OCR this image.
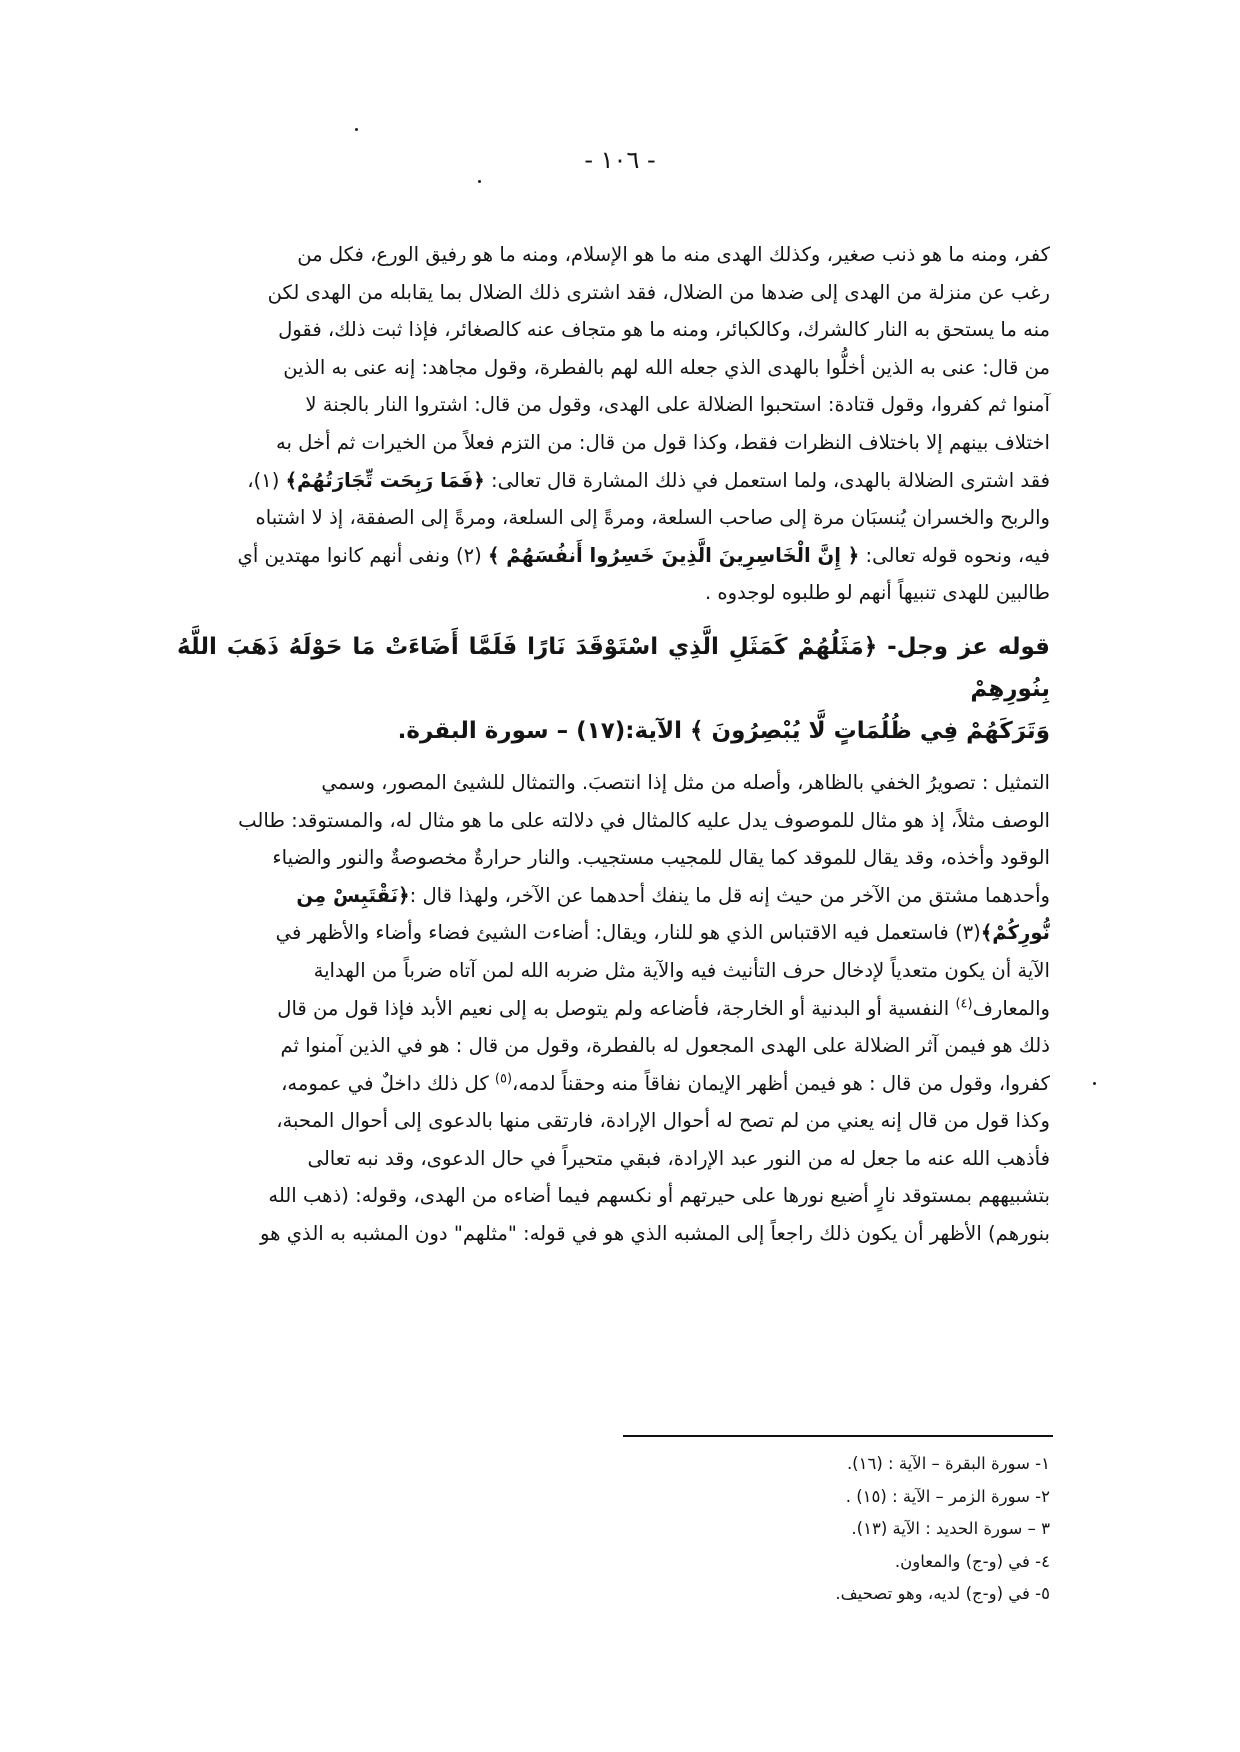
- ١٠٦ -

كفر، ومنه ما هو ذنب صغير، وكذلك الهدى منه ما هو الإسلام، ومنه ما هو رفيق الورع، فكل من

رغب عن منزلة من الهدى إلى ضدها من الضلال، فقد اشترى ذلك الضلال بما يقابله من الهدى لكن

منه ما يستحق به النار كالشرك، وكالكبائر، ومنه ما هو متجاف عنه كالصغائر، فإذا ثبت ذلك، فقول

من قال: عنى به الذين أخلُّوا بالهدى الذي جعله الله لهم بالفطرة، وقول مجاهد: إنه عنى به الذين

آمنوا ثم كفروا، وقول قتادة: استحبوا الضلالة على الهدى، وقول من قال: اشتروا النار بالجنة لا

اختلاف بينهم إلا باختلاف النظرات فقط، وكذا قول من قال: من التزم فعلاً من الخيرات ثم أخل به

فقد اشترى الضلالة بالهدى، ولما استعمل في ذلك المشارة قال تعالى: ﴿فَمَا رَبِحَت تِّجَارَتُهُمْ﴾ (١)،

والربح والخسران يُنسبَان مرة إلى صاحب السلعة، ومرةً إلى السلعة، ومرةً إلى الصفقة، إذ لا اشتباه

فيه، ونحوه قوله تعالى: ﴿ إِنَّ الْخَاسِرِينَ الَّذِينَ خَسِرُوا أَنفُسَهُمْ ﴾ (٢) ونفى أنهم كانوا مهتدين أي

طالبين للهدى تنبيهاً أنهم لو طلبوه لوجدوه .

قوله عز وجل- ﴿مَثَلُهُمْ كَمَثَلِ الَّذِي اسْتَوْقَدَ نَارًا فَلَمَّا أَضَاءَتْ مَا حَوْلَهُ ذَهَبَ اللَّهُ بِنُورِهِمْ
وَتَرَكَهُمْ فِي ظُلُمَاتٍ لَّا يُبْصِرُونَ ﴾ الآية:(١٧) – سورة البقرة.

التمثيل : تصويرُ الخفي بالظاهر، وأصله من مثل إذا انتصبَ. والتمثال للشيئ المصور، وسمي

الوصف مثلاً، إذ هو مثال للموصوف يدل عليه كالمثال في دلالته على ما هو مثال له، والمستوقد: طالب

الوقود وأخذه، وقد يقال للموقد كما يقال للمجيب مستجيب. والنار حرارةٌ مخصوصةٌ والنور والضياء

وأحدهما مشتق من الآخر من حيث إنه قل ما ينفك أحدهما عن الآخر، ولهذا قال :﴿نَقْتَبِسْ مِن

نُّورِكُمْ﴾(٣) فاستعمل فيه الاقتباس الذي هو للنار، ويقال: أضاءت الشيئ فضاء وأضاء والأظهر في

الآية أن يكون متعدياً لإدخال حرف التأنيث فيه والآية مثل ضربه الله لمن آتاه ضرباً من الهداية

والمعارف$^{(٤)}$ النفسية أو البدنية أو الخارجة، فأضاعه ولم يتوصل به إلى نعيم الأبد فإذا قول من قال

ذلك هو فيمن آثر الضلالة على الهدى المجعول له بالفطرة، وقول من قال : هو في الذين آمنوا ثم

كفروا، وقول من قال : هو فيمن أظهر الإيمان نفاقاً منه وحقناً لدمه،$^{(٥)}$ كل ذلك داخلٌ في عمومه،

وكذا قول من قال إنه يعني من لم تصح له أحوال الإرادة، فارتقى منها بالدعوى إلى أحوال المحبة،

فأذهب الله عنه ما جعل له من النور عبد الإرادة، فبقي متحيراً في حال الدعوى، وقد نبه تعالى

بتشبيههم بمستوقد نارٍ أضيع نورها على حيرتهم أو نكسهم فيما أضاءه من الهدى، وقوله: (ذهب الله

بنورهم) الأظهر أن يكون ذلك راجعاً إلى المشبه الذي هو في قوله: "مثلهم" دون المشبه به الذي هو

١- سورة البقرة – الآية : (١٦).
٢- سورة الزمر – الآية : (١٥) .
٣ – سورة الحديد : الآية (١٣).
٤- في (و-ج) والمعاون.
٥- في (و-ج) لديه، وهو تصحيف.
